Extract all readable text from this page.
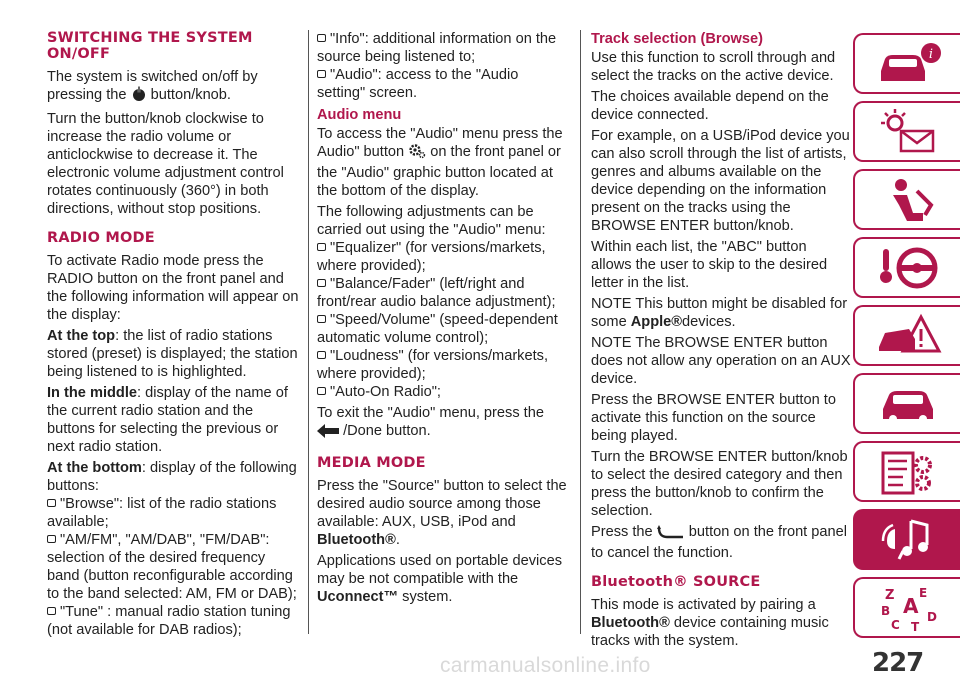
SWITCHING THE SYSTEM ON/OFF

The system is switched on/off by pressing the button/knob.

Turn the button/knob clockwise to increase the radio volume or anticlockwise to decrease it. The electronic volume adjustment control rotates continuously (360°) in both directions, without stop positions.

RADIO MODE

To activate Radio mode press the RADIO button on the front panel and the following information will appear on the display:

At the top: the list of radio stations stored (preset) is displayed; the station being listened to is highlighted.

In the middle: display of the name of the current radio station and the buttons for selecting the previous or next radio station.

At the bottom: display of the following buttons:

"Browse": list of the radio stations available;
"AM/FM", "AM/DAB", "FM/DAB": selection of the desired frequency band (button reconfigurable according to the band selected: AM, FM or DAB);
"Tune" : manual radio station tuning (not available for DAB radios);
"Info": additional information on the source being listened to;
"Audio": access to the "Audio setting" screen.
Audio menu

To access the "Audio" menu press the Audio" button on the front panel or the "Audio" graphic button located at the bottom of the display.

The following adjustments can be carried out using the "Audio" menu:

"Equalizer" (for versions/markets, where provided);
"Balance/Fader" (left/right and front/rear audio balance adjustment);
"Speed/Volume" (speed-dependent automatic volume control);
"Loudness" (for versions/markets, where provided);
"Auto-On Radio";

To exit the "Audio" menu, press the
/Done button.

MEDIA MODE

Press the "Source" button to select the desired audio source among those available: AUX, USB, iPod and Bluetooth®.

Applications used on portable devices may be not compatible with the Uconnect™ system.

Track selection (Browse)

Use this function to scroll through and select the tracks on the active device.

The choices available depend on the device connected.

For example, on a USB/iPod device you can also scroll through the list of artists, genres and albums available on the device depending on the information present on the tracks using the BROWSE ENTER button/knob.

Within each list, the "ABC" button allows the user to skip to the desired letter in the list.

NOTE This button might be disabled for some Apple®devices.

NOTE The BROWSE ENTER button does not allow any operation on an AUX device.

Press the BROWSE ENTER button to activate this function on the source being played.

Turn the BROWSE ENTER button/knob to select the desired category and then press the button/knob to confirm the selection.

Press the button on the front panel to cancel the function.

Bluetooth® SOURCE

This mode is activated by pairing a Bluetooth® device containing music tracks with the system.

i
Z E
A
B	D
C T
227
carmanualsonline.info
